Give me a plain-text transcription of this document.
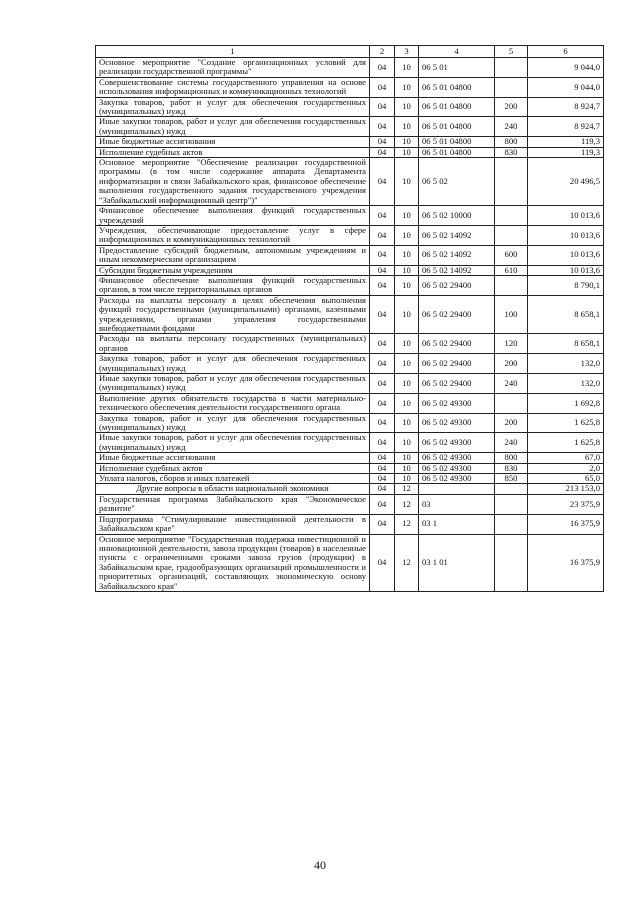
1	2	3	4	5	6
Основное мероприятие "Создание организационных условий для реализации государственной программы"	04	10	06 5 01		9 044,0
Совершенствование системы государственного управления на основе использования информационных и коммуникационных технологий	04	10	06 5 01 04800		9 044,0
Закупка товаров, работ и услуг для обеспечения государственных (муниципальных) нужд	04	10	06 5 01 04800	200	8 924,7
Иные закупки товаров, работ и услуг для обеспечения государственных (муниципальных) нужд	04	10	06 5 01 04800	240	8 924,7
Иные бюджетные ассигнования	04	10	06 5 01 04800	800	119,3
Исполнение судебных актов	04	10	06 5 01 04800	830	119,3
Основное мероприятие "Обеспечение реализации государственной программы (в том числе содержание аппарата Департамента информатизации и связи Забайкальского края, финансовое обеспечение выполнения государственного задания государственного учреждения "Забайкальский информационный центр")"	04	10	06 5 02		20 496,5
Финансовое обеспечение выполнения функций государственных учреждений	04	10	06 5 02 10000		10 013,6
Учреждения, обеспечивающие предоставление услуг в сфере информационных и коммуникационных технологий	04	10	06 5 02 14092		10 013,6
Предоставление субсидий бюджетным, автономным учреждениям и иным некоммерческим организациям	04	10	06 5 02 14092	600	10 013,6
Субсидии бюджетным учреждениям	04	10	06 5 02 14092	610	10 013,6
Финансовое обеспечение выполнения функций государственных органов, в том числе территориальных органов	04	10	06 5 02 29400		8 790,1
Расходы на выплаты персоналу в целях обеспечения выполнения функций государственными (муниципальными) органами, казенными учреждениями, органами управления государственными внебюджетными фондами	04	10	06 5 02 29400	100	8 658,1
Расходы на выплаты персоналу государственных (муниципальных) органов	04	10	06 5 02 29400	120	8 658,1
Закупка товаров, работ и услуг для обеспечения государственных (муниципальных) нужд	04	10	06 5 02 29400	200	132,0
Иные закупки товаров, работ и услуг для обеспечения государственных (муниципальных) нужд	04	10	06 5 02 29400	240	132,0
Выполнение других обязательств государства в части материально-технического обеспечения деятельности государственного органа	04	10	06 5 02 49300		1 692,8
Закупка товаров, работ и услуг для обеспечения государственных (муниципальных) нужд	04	10	06 5 02 49300	200	1 625,8
Иные закупки товаров, работ и услуг для обеспечения государственных (муниципальных) нужд	04	10	06 5 02 49300	240	1 625,8
Иные бюджетные ассигнования	04	10	06 5 02 49300	800	67,0
Исполнение судебных актов	04	10	06 5 02 49300	830	2,0
Уплата налогов, сборов и иных платежей	04	10	06 5 02 49300	850	65,0
Другие вопросы в области национальной экономики	04	12			213 153,0
Государственная программа Забайкальского края "Экономическое развитие"	04	12	03		23 375,9
Подпрограмма "Стимулирование инвестиционной деятельности в Забайкальском крае"	04	12	03 1		16 375,9
Основное мероприятие "Государственная поддержка инвестиционной и инновационной деятельности, завоза продукции (товаров) в населенные пункты с ограниченными сроками завоза грузов (продукции) в Забайкальском крае, градообразующих организаций промышленности и приоритетных организаций, составляющих экономическую основу Забайкальского края"	04	12	03 1 01		16 375,9
40
